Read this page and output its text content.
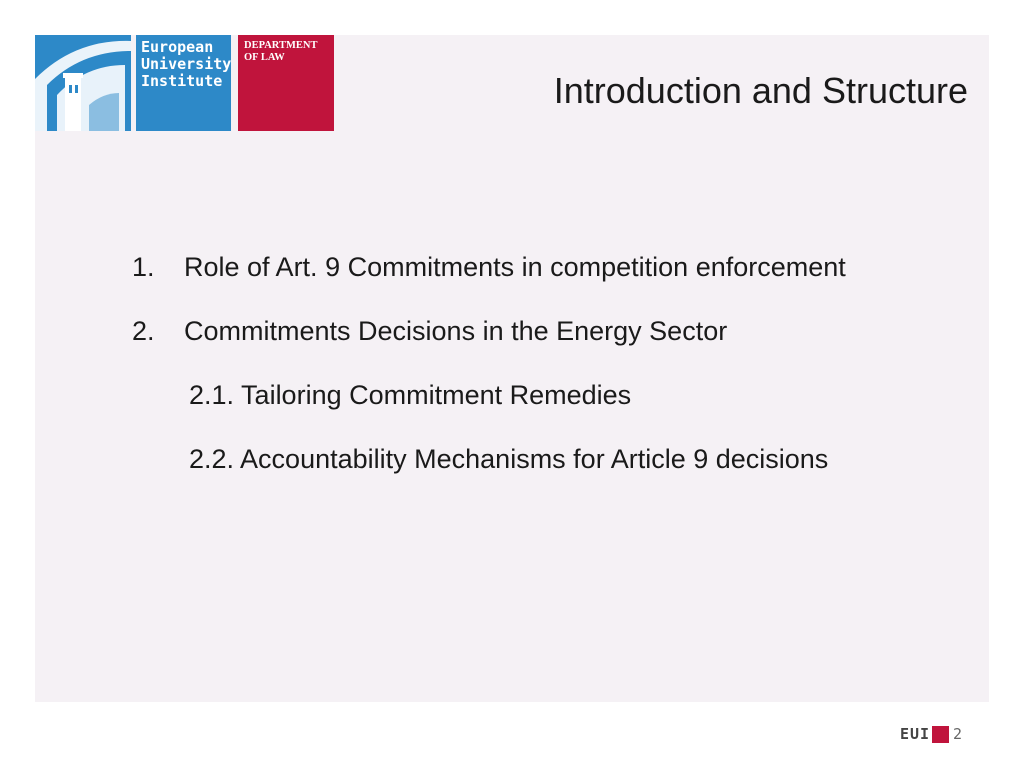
European
University
Institute
DEPARTMENT
OF LAW
Introduction and Structure
1. Role of Art. 9 Commitments in competition enforcement
2. Commitments Decisions in the Energy Sector
2.1. Tailoring Commitment Remedies
2.2. Accountability Mechanisms for Article 9 decisions
EUI 2
